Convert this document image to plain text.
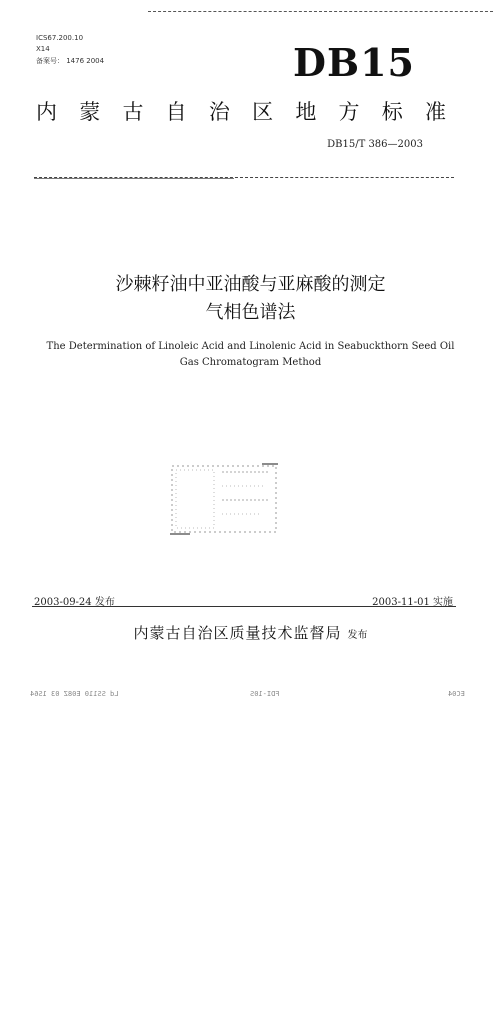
ICS67.200.10
X14
备案号： 1476 2004	DB15
内 蒙 古 自 治 区 地 方 标 准
DB15/T 386—2003
沙棘籽油中亚油酸与亚麻酸的测定
气相色谱法
The Determination of Linoleic Acid and Linolenic Acid in Seabuckthorn Seed Oil
Gas Chromatogram Method
2003-09-24 发布	2003-11-01 实施
内蒙古自治区质量技术监督局 发布
Ld SS110 E08Z 03 1S64	FDI-10S	EC04
